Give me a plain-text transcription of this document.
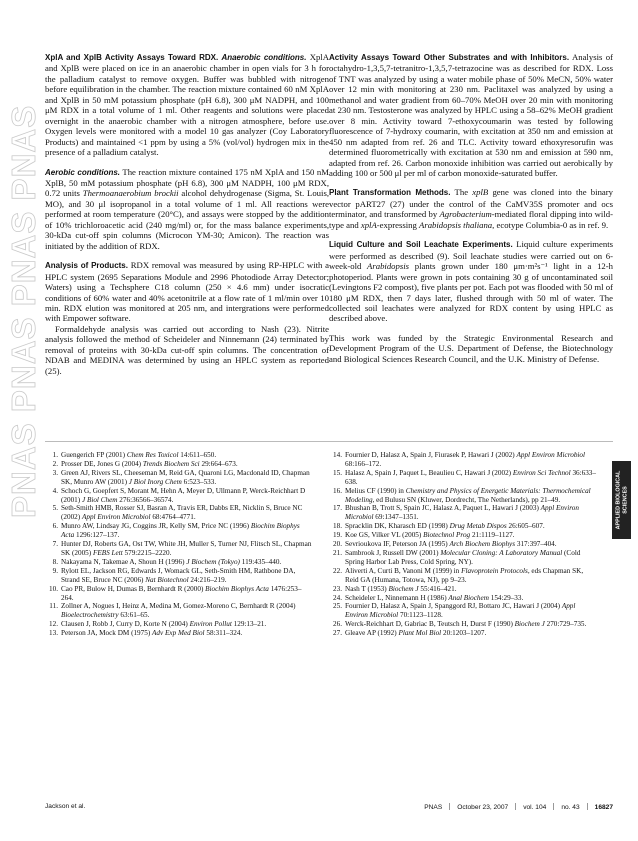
PNAS PNAS PNAS PNAS

XplA and XplB Activity Assays Toward RDX. Anaerobic conditions. XplA and XplB were placed on ice in an anaerobic chamber in open vials for 3 h for the palladium catalyst to remove oxygen. Buffer was bubbled with nitrogen before equilibration in the chamber. The reaction mixture contained 60 nM XplA and XplB in 50 mM potassium phosphate (pH 6.8), 300 μM NADPH, and 100 μM RDX in a total volume of 1 ml. Other reagents and solutions were placed overnight in the anaerobic chamber with a nitrogen atmosphere, before use. Oxygen levels were monitored with a model 10 gas analyzer (Coy Laboratory Products) and maintained <1 ppm by using a 5% (vol/vol) hydrogen mix in the presence of a palladium catalyst.

Aerobic conditions. The reaction mixture contained 175 nM XplA and 150 nM XplB, 50 mM potassium phosphate (pH 6.8), 300 μM NADPH, 100 μM RDX, 0.72 units Thermoanaerobium brockii alcohol dehydrogenase (Sigma, St. Louis, MO), and 30 μl isopropanol in a total volume of 1 ml. All reactions were performed at room temperature (20°C), and assays were stopped by the addition of 10% trichloroacetic acid (240 mg/ml) or, for the mass balance experiments, 30-kDa cut-off spin columns (Microcon YM-30; Amicon). The reaction was initiated by the addition of RDX.

Analysis of Products. RDX removal was measured by using RP-HPLC with a HPLC system (2695 Separations Module and 2996 Photodiode Array Detector; Waters) using a Techsphere C18 column (250 × 4.6 mm) under isocratic conditions of 60% water and 40% acetonitrile at a flow rate of 1 ml/min over 10 min. RDX elution was monitored at 205 nm, and intergrations were performed with Empower software.

Formaldehyde analysis was carried out according to Nash (23). Nitrite analysis followed the method of Scheideler and Ninnemann (24) terminated by removal of proteins with 30-kDa cut-off spin columns. The concentration of NDAB and MEDINA was determined by using an HPLC system as reported (25).

Activity Assays Toward Other Substrates and with Inhibitors. Analysis of octahydro-1,3,5,7-tetranitro-1,3,5,7-tetrazocine was as described for RDX. Loss of TNT was analyzed by using a water mobile phase of 50% MeCN, 50% water over 12 min with monitoring at 230 nm. Paclitaxel was analyzed by using a methanol and water gradient from 60–70% MeOH over 20 min with monitoring at 230 nm. Testosterone was analyzed by HPLC using a 58–62% MeOH gradient over 8 min. Activity toward 7-ethoxycoumarin was tested by following fluorescence of 7-hydroxy coumarin, with excitation at 350 nm and emission at 450 nm adapted from ref. 26 and TLC. Activity toward ethoxyresorufin was determined fluorometrically with excitation at 530 nm and emission at 590 nm, adapted from ref. 26. Carbon monoxide inhibition was carried out aerobically by adding 100 or 500 μl per ml of carbon monoxide-saturated buffer.

Plant Transformation Methods. The xplB gene was cloned into the binary vector pART27 (27) under the control of the CaMV35S promoter and ocs terminator, and transformed by Agrobacterium-mediated floral dipping into wild-type and xplA-expressing Arabidopsis thaliana, ecotype Columbia-0 as in ref. 9.

Liquid Culture and Soil Leachate Experiments. Liquid culture experiments were performed as described (9). Soil leachate studies were carried out on 6-week-old Arabidopsis plants grown under 180 μm·m²s⁻¹ light in a 12-h photoperiod. Plants were grown in pots containing 30 g of uncontaminated soil (Levingtons F2 compost), five plants per pot. Each pot was flooded with 50 ml of 180 μM RDX, then 7 days later, flushed through with 50 ml of water. The collected soil leachates were analyzed for RDX content by using HPLC as described above.

This work was funded by the Strategic Environmental Research and Development Program of the U.S. Department of Defense, the Biotechnology and Biological Sciences Research Council, and the U.K. Ministry of Defense.

1. Guengerich FP (2001) Chem Res Toxicol 14:611–650.
2. Prosser DE, Jones G (2004) Trends Biochem Sci 29:664–673.
3. Green AJ, Rivers SL, Cheeseman M, Reid GA, Quaroni LG, Macdonald ID, Chapman SK, Munro AW (2001) J Biol Inorg Chem 6:523–533.
4. Schoch G, Goepfert S, Morant M, Hehn A, Meyer D, Ullmann P, Werck-Reichhart D (2001) J Biol Chem 276:36566–36574.
5. Seth-Smith HMB, Rosser SJ, Basran A, Travis ER, Dabbs ER, Nicklin S, Bruce NC (2002) Appl Environ Microbiol 68:4764–4771.
6. Munro AW, Lindsay JG, Coggins JR, Kelly SM, Price NC (1996) Biochim Biophys Acta 1296:127–137.
7. Hunter DJ, Roberts GA, Ost TW, White JH, Muller S, Turner NJ, Flitsch SL, Chapman SK (2005) FEBS Lett 579:2215–2220.
8. Nakayama N, Takemae A, Shoun H (1996) J Biochem (Tokyo) 119:435–440.
9. Rylott EL, Jackson RG, Edwards J, Womack GL, Seth-Smith HM, Rathbone DA, Strand SE, Bruce NC (2006) Nat Biotechnol 24:216–219.
10. Cao PR, Bulow H, Dumas B, Bernhardt R (2000) Biochim Biophys Acta 1476:253–264.
11. Zollner A, Nogues I, Heinz A, Medina M, Gomez-Moreno C, Bernhardt R (2004) Bioelectrochemistry 63:61–65.
12. Clausen J, Robb J, Curry D, Korte N (2004) Environ Pollut 129:13–21.
13. Peterson JA, Mock DM (1975) Adv Exp Med Biol 58:311–324.
14. Fournier D, Halasz A, Spain J, Fiurasek P, Hawari J (2002) Appl Environ Microbiol 68:166–172.
15. Halasz A, Spain J, Paquet L, Beaulieu C, Hawari J (2002) Environ Sci Technol 36:633–638.
16. Melius CF (1990) in Chemistry and Physics of Energetic Materials: Thermochemical Modeling, ed Bulusu SN (Kluwer, Dordrecht, The Netherlands), pp 21–49.
17. Bhushan B, Trott S, Spain JC, Halasz A, Paquet L, Hawari J (2003) Appl Environ Microbiol 69:1347–1351.
18. Spracklin DK, Kharasch ED (1998) Drug Metab Dispos 26:605–607.
19. Koe GS, Vilker VL (2005) Biotechnol Prog 21:1119–1127.
20. Sevrioukova IF, Peterson JA (1995) Arch Biochem Biophys 317:397–404.
21. Sambrook J, Russell DW (2001) Molecular Cloning: A Laboratory Manual (Cold Spring Harbor Lab Press, Cold Spring, NY).
22. Aliverti A, Curti B, Vanoni M (1999) in Flavoprotein Protocols, eds Chapman SK, Reid GA (Humana, Totowa, NJ), pp 9–23.
23. Nash T (1953) Biochem J 55:416–421.
24. Scheideler L, Ninnemann H (1986) Anal Biochem 154:29–33.
25. Fournier D, Halasz A, Spain J, Spanggord RJ, Bottaro JC, Hawari J (2004) Appl Environ Microbiol 70:1123–1128.
26. Werck-Reichhart D, Gabriac B, Teutsch H, Durst F (1990) Biochem J 270:729–735.
27. Gleave AP (1992) Plant Mol Biol 20:1203–1207.
APPLIED BIOLOGICAL SCIENCES
Jackson et al.	PNAS October 23, 2007 vol. 104 no. 43 16827
